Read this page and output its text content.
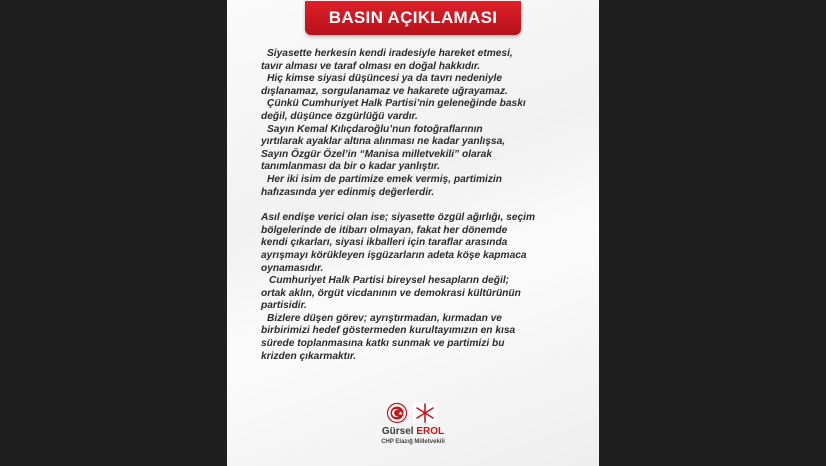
BASIN AÇIKLAMASI

Siyasette herkesin kendi iradesiyle hareket etmesi,

tavır alması ve taraf olması en doğal hakkıdır.

Hiç kimse siyasi düşüncesi ya da tavrı nedeniyle

dışlanamaz, sorgulanamaz ve hakarete uğrayamaz.

Çünkü Cumhuriyet Halk Partisi’nin geleneğinde baskı

değil, düşünce özgürlüğü vardır.

Sayın Kemal Kılıçdaroğlu’nun fotoğraflarının

yırtılarak ayaklar altına alınması ne kadar yanlışsa,

Sayın Özgür Özel’in “Manisa milletvekili” olarak

tanımlanması da bir o kadar yanlıştır.

Her iki isim de partimize emek vermiş, partimizin

hafızasında yer edinmiş değerlerdir.

Asıl endişe verici olan ise; siyasette özgül ağırlığı, seçim

bölgelerinde de itibarı olmayan, fakat her dönemde

kendi çıkarları, siyasi ikballeri için taraflar arasında

ayrışmayı körükleyen işgüzarların adeta köşe kapmaca

oynamasıdır.

Cumhuriyet Halk Partisi bireysel hesapların değil;

ortak aklın, örgüt vicdanının ve demokrasi kültürünün

partisidir.

Bizlere düşen görev; ayrıştırmadan, kırmadan ve

birbirimizi hedef göstermeden kurultayımızın en kısa

sürede toplanmasına katkı sunmak ve partimizi bu

krizden çıkarmaktır.

Gürsel EROL
CHP Elazığ Milletvekili
